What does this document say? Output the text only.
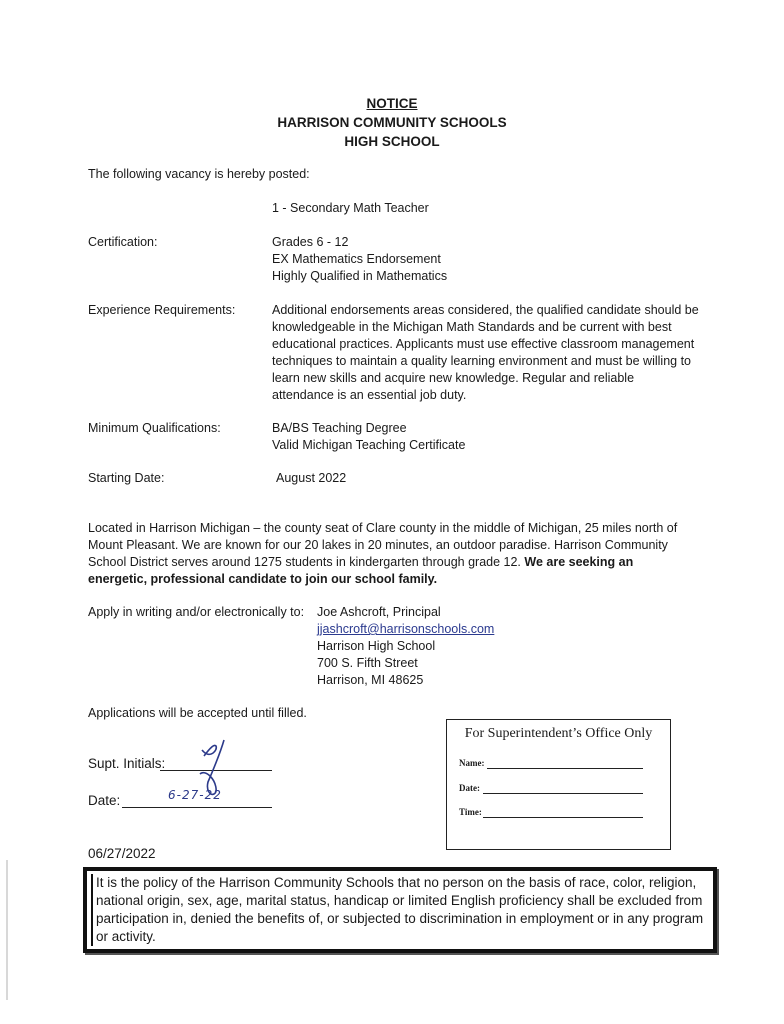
NOTICE
HARRISON COMMUNITY SCHOOLS
HIGH SCHOOL
The following vacancy is hereby posted:
1 - Secondary Math Teacher
Certification:	Grades 6 - 12
EX Mathematics Endorsement
Highly Qualified in Mathematics
Experience Requirements:	Additional endorsements areas considered, the qualified candidate should be
knowledgeable in the Michigan Math Standards and be current with best
educational practices. Applicants must use effective classroom management
techniques to maintain a quality learning environment and must be willing to
learn new skills and acquire new knowledge. Regular and reliable
attendance is an essential job duty.
Minimum Qualifications:	BA/BS Teaching Degree
Valid Michigan Teaching Certificate
Starting Date:	August 2022
Located in Harrison Michigan – the county seat of Clare county in the middle of Michigan, 25 miles north of Mount Pleasant. We are known for our 20 lakes in 20 minutes, an outdoor paradise. Harrison Community School District serves around 1275 students in kindergarten through grade 12. We are seeking an energetic, professional candidate to join our school family.
Apply in writing and/or electronically to: Joe Ashcroft, Principal
jjashcroft@harrisonschools.com
Harrison High School
700 S. Fifth Street
Harrison, MI 48625
Applications will be accepted until filled.
Supt. Initials:
Date:	6-27-22
For Superintendent’s Office Only
Name:
Date:
Time:
06/27/2022
It is the policy of the Harrison Community Schools that no person on the basis of race, color, religion, national origin, sex, age, marital status, handicap or limited English proficiency shall be excluded from participation in, denied the benefits of, or subjected to discrimination in employment or in any program or activity.
